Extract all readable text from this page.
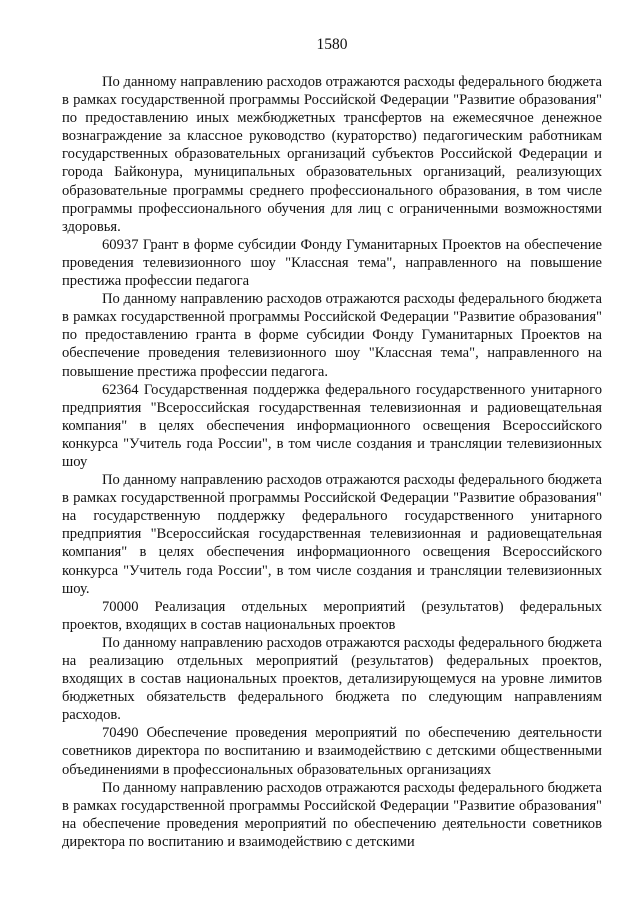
1580

По данному направлению расходов отражаются расходы федерального бюджета в рамках государственной программы Российской Федерации "Развитие образования" по предоставлению иных межбюджетных трансфертов на ежемесячное денежное вознаграждение за классное руководство (кураторство) педагогическим работникам государственных образовательных организаций субъектов Российской Федерации и города Байконура, муниципальных образовательных организаций, реализующих образовательные программы среднего профессионального образования, в том числе программы профессионального обучения для лиц с ограниченными возможностями здоровья.

60937 Грант в форме субсидии Фонду Гуманитарных Проектов на обеспечение проведения телевизионного шоу "Классная тема", направленного на повышение престижа профессии педагога

По данному направлению расходов отражаются расходы федерального бюджета в рамках государственной программы Российской Федерации "Развитие образования" по предоставлению гранта в форме субсидии Фонду Гуманитарных Проектов на обеспечение проведения телевизионного шоу "Классная тема", направленного на повышение престижа профессии педагога.

62364 Государственная поддержка федерального государственного унитарного предприятия "Всероссийская государственная телевизионная и радиовещательная компания" в целях обеспечения информационного освещения Всероссийского конкурса "Учитель года России", в том числе создания и трансляции телевизионных шоу

По данному направлению расходов отражаются расходы федерального бюджета в рамках государственной программы Российской Федерации "Развитие образования" на государственную поддержку федерального государственного унитарного предприятия "Всероссийская государственная телевизионная и радиовещательная компания" в целях обеспечения информационного освещения Всероссийского конкурса "Учитель года России", в том числе создания и трансляции телевизионных шоу.

70000 Реализация отдельных мероприятий (результатов) федеральных проектов, входящих в состав национальных проектов

По данному направлению расходов отражаются расходы федерального бюджета на реализацию отдельных мероприятий (результатов) федеральных проектов, входящих в состав национальных проектов, детализирующемуся на уровне лимитов бюджетных обязательств федерального бюджета по следующим направлениям расходов.

70490 Обеспечение проведения мероприятий по обеспечению деятельности советников директора по воспитанию и взаимодействию с детскими общественными объединениями в профессиональных образовательных организациях

По данному направлению расходов отражаются расходы федерального бюджета в рамках государственной программы Российской Федерации "Развитие образования" на обеспечение проведения мероприятий по обеспечению деятельности советников директора по воспитанию и взаимодействию с детскими
